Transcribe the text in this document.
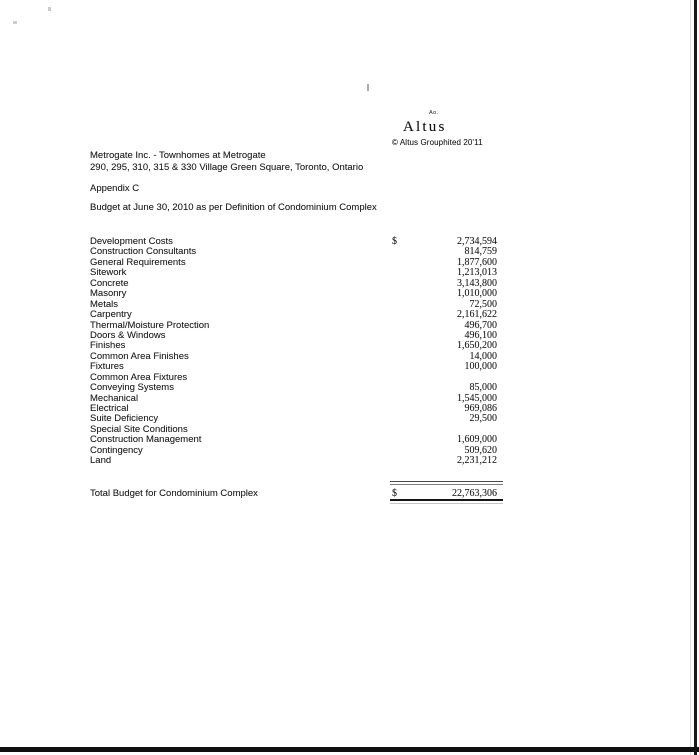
Ao.
Altus
© Altus Grouphited 20'11
Metrogate Inc. - Townhomes at Metrogate
290, 295, 310, 315 & 330 Village Green Square, Toronto, Ontario
Appendix C
Budget at June 30, 2010 as per Definition of Condominium Complex
Development Costs	$	2,734,594
Construction Consultants	814,759
General Requirements	1,877,600
Sitework	1,213,013
Concrete	3,143,800
Masonry	1,010,000
Metals	72,500
Carpentry	2,161,622
Thermal/Moisture Protection	496,700
Doors & Windows	496,100
Finishes	1,650,200
Common Area Finishes	14,000
Fixtures	100,000
Common Area Fixtures
Conveying Systems	85,000
Mechanical	1,545,000
Electrical	969,086
Suite Deficiency	29,500
Special Site Conditions
Construction Management	1,609,000
Contingency	509,620
Land	2,231,212
Total Budget for Condominium Complex	$	22,763,306
